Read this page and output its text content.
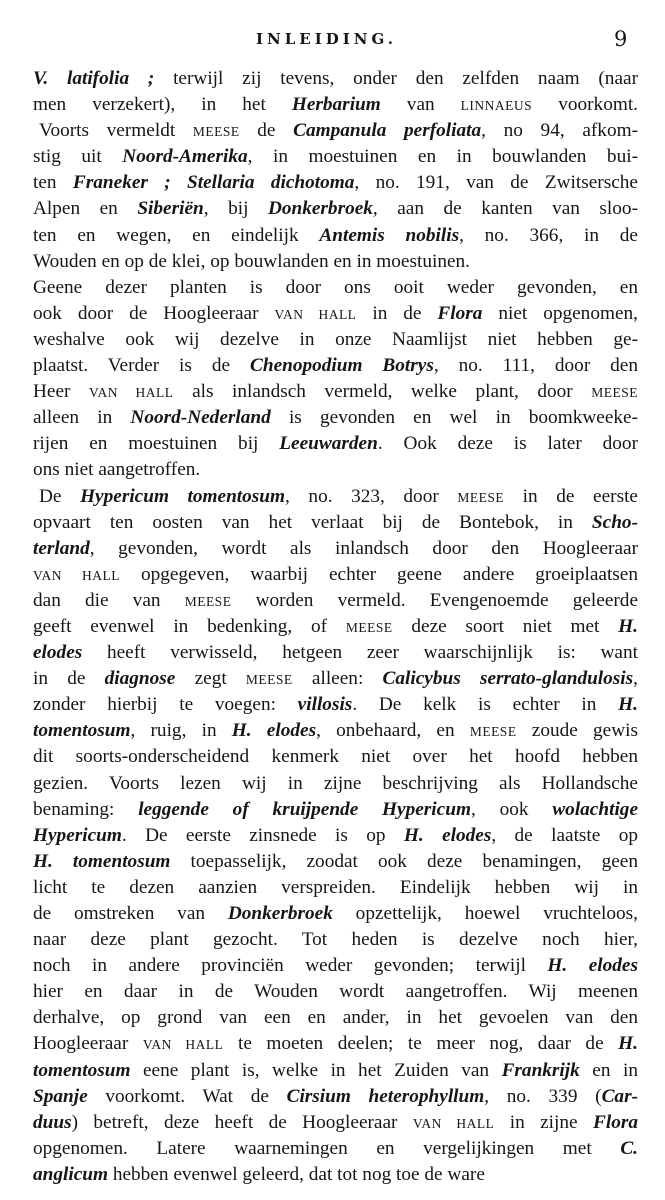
INLEIDING.	9
V. latifolia ; terwijl zij tevens, onder den zelfden naam (naar
men verzekert), in het Herbarium van LINNAEUS voorkomt.
Voorts vermeldt MEESE de Campanula perfoliata, no 94, afkom-
stig uit Noord-Amerika, in moestuinen en in bouwlanden bui-
ten Franeker ; Stellaria dichotoma, no. 191, van de Zwitsersche
Alpen en Siberiën, bij Donkerbroek, aan de kanten van sloo-
ten en wegen, en eindelijk Antemis nobilis, no. 366, in de
Wouden en op de klei, op bouwlanden en in moestuinen.
Geene dezer planten is door ons ooit weder gevonden, en
ook door de Hoogleeraar VAN HALL in de Flora niet opgenomen,
weshalve ook wij dezelve in onze Naamlijst niet hebben ge-
plaatst. Verder is de Chenopodium Botrys, no. 111, door den
Heer VAN HALL als inlandsch vermeld, welke plant, door MEESE
alleen in Noord-Nederland is gevonden en wel in boomkweeke-
rijen en moestuinen bij Leeuwarden. Ook deze is later door
ons niet aangetroffen.
De Hypericum tomentosum, no. 323, door MEESE in de eerste
opvaart ten oosten van het verlaat bij de Bontebok, in Scho-
terland, gevonden, wordt als inlandsch door den Hoogleeraar
VAN HALL opgegeven, waarbij echter geene andere groeiplaatsen
dan die van MEESE worden vermeld. Evengenoemde geleerde
geeft evenwel in bedenking, of MEESE deze soort niet met H.
elodes heeft verwisseld, hetgeen zeer waarschijnlijk is: want
in de diagnose zegt MEESE alleen: Calicybus serrato-glandulosis,
zonder hierbij te voegen: villosis. De kelk is echter in H.
tomentosum, ruig, in H. elodes, onbehaard, en MEESE zoude gewis
dit soorts-onderscheidend kenmerk niet over het hoofd hebben
gezien. Voorts lezen wij in zijne beschrijving als Hollandsche
benaming: leggende of kruijpende Hypericum, ook wolachtige
Hypericum. De eerste zinsnede is op H. elodes, de laatste op
H. tomentosum toepasselijk, zoodat ook deze benamingen, geen
licht te dezen aanzien verspreiden. Eindelijk hebben wij in
de omstreken van Donkerbroek opzettelijk, hoewel vruchteloos,
naar deze plant gezocht. Tot heden is dezelve noch hier,
noch in andere provinciën weder gevonden; terwijl H. elodes
hier en daar in de Wouden wordt aangetroffen. Wij meenen
derhalve, op grond van een en ander, in het gevoelen van den
Hoogleeraar VAN HALL te moeten deelen; te meer nog, daar de H.
tomentosum eene plant is, welke in het Zuiden van Frankrijk en in
Spanje voorkomt. Wat de Cirsium heterophyllum, no. 339 (Car-
duus) betreft, deze heeft de Hoogleeraar VAN HALL in zijne Flora
opgenomen. Latere waarnemingen en vergelijkingen met C.
anglicum hebben evenwel geleerd, dat tot nog toe de ware
